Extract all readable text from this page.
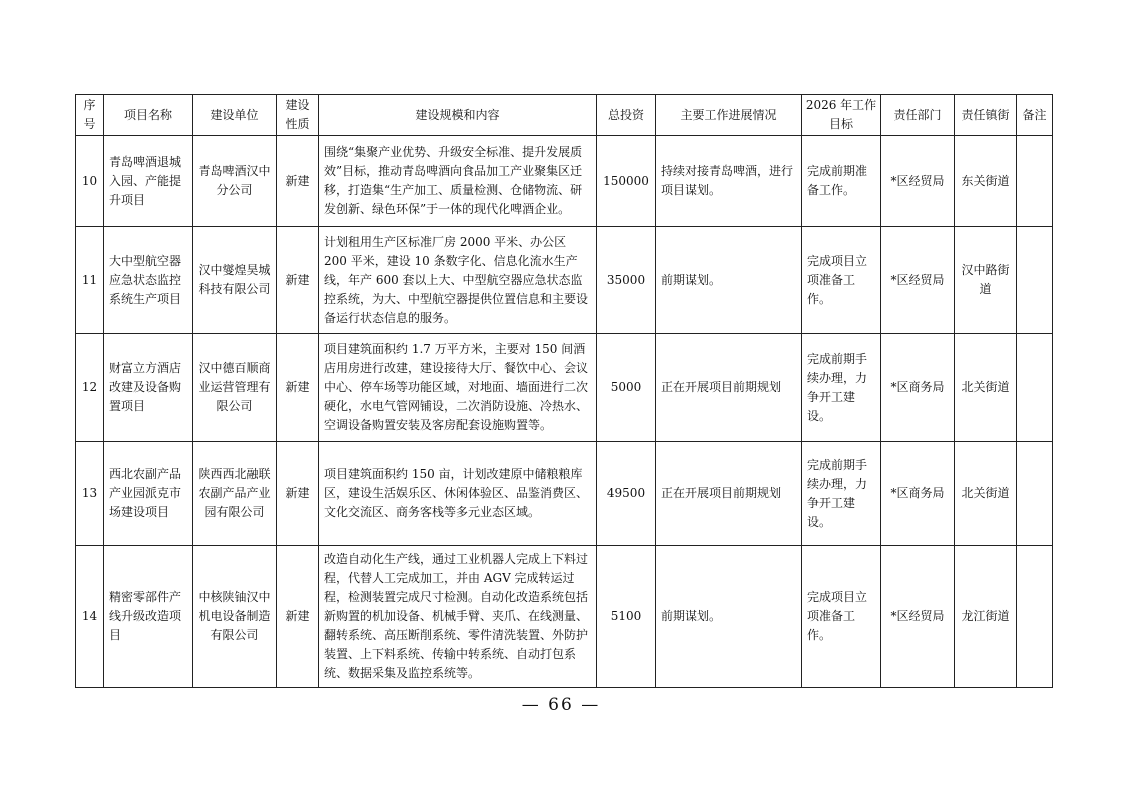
序号	项目名称	建设单位	建设性质	建设规模和内容	总投资	主要工作进展情况	2026 年工作目标	责任部门	责任镇街	备注
10	青岛啤酒退城入园、产能提升项目	青岛啤酒汉中分公司	新建	围绕“集聚产业优势、升级安全标准、提升发展质效”目标，推动青岛啤酒向食品加工产业聚集区迁移，打造集“生产加工、质量检测、仓储物流、研发创新、绿色环保”于一体的现代化啤酒企业。	150000	持续对接青岛啤酒，进行项目谋划。	完成前期准备工作。	*区经贸局	东关街道	
11	大中型航空器应急状态监控系统生产项目	汉中燮煌昊城科技有限公司	新建	计划租用生产区标准厂房 2000 平米、办公区 200 平米，建设 10 条数字化、信息化流水生产线，年产 600 套以上大、中型航空器应急状态监控系统，为大、中型航空器提供位置信息和主要设备运行状态信息的服务。	35000	前期谋划。	完成项目立项准备工作。	*区经贸局	汉中路街道	
12	财富立方酒店改建及设备购置项目	汉中德百顺商业运营管理有限公司	新建	项目建筑面积约 1.7 万平方米，主要对 150 间酒店用房进行改建，建设接待大厅、餐饮中心、会议中心、停车场等功能区域，对地面、墙面进行二次硬化，水电气管网铺设，二次消防设施、冷热水、空调设备购置安装及客房配套设施购置等。	5000	正在开展项目前期规划	完成前期手续办理，力争开工建设。	*区商务局	北关街道	
13	西北农副产品产业园派克市场建设项目	陕西西北融联农副产品产业园有限公司	新建	项目建筑面积约 150 亩，计划改建原中储粮粮库区，建设生活娱乐区、休闲体验区、品鉴消费区、文化交流区、商务客栈等多元业态区域。	49500	正在开展项目前期规划	完成前期手续办理，力争开工建设。	*区商务局	北关街道	
14	精密零部件产线升级改造项目	中核陕铀汉中机电设备制造有限公司	新建	改造自动化生产线，通过工业机器人完成上下料过程，代替人工完成加工，并由 AGV 完成转运过程，检测装置完成尺寸检测。自动化改造系统包括新购置的机加设备、机械手臂、夹爪、在线测量、翻转系统、高压断削系统、零件清洗装置、外防护装置、上下料系统、传输中转系统、自动打包系统、数据采集及监控系统等。	5100	前期谋划。	完成项目立项准备工作。	*区经贸局	龙江街道	
— 66 —
